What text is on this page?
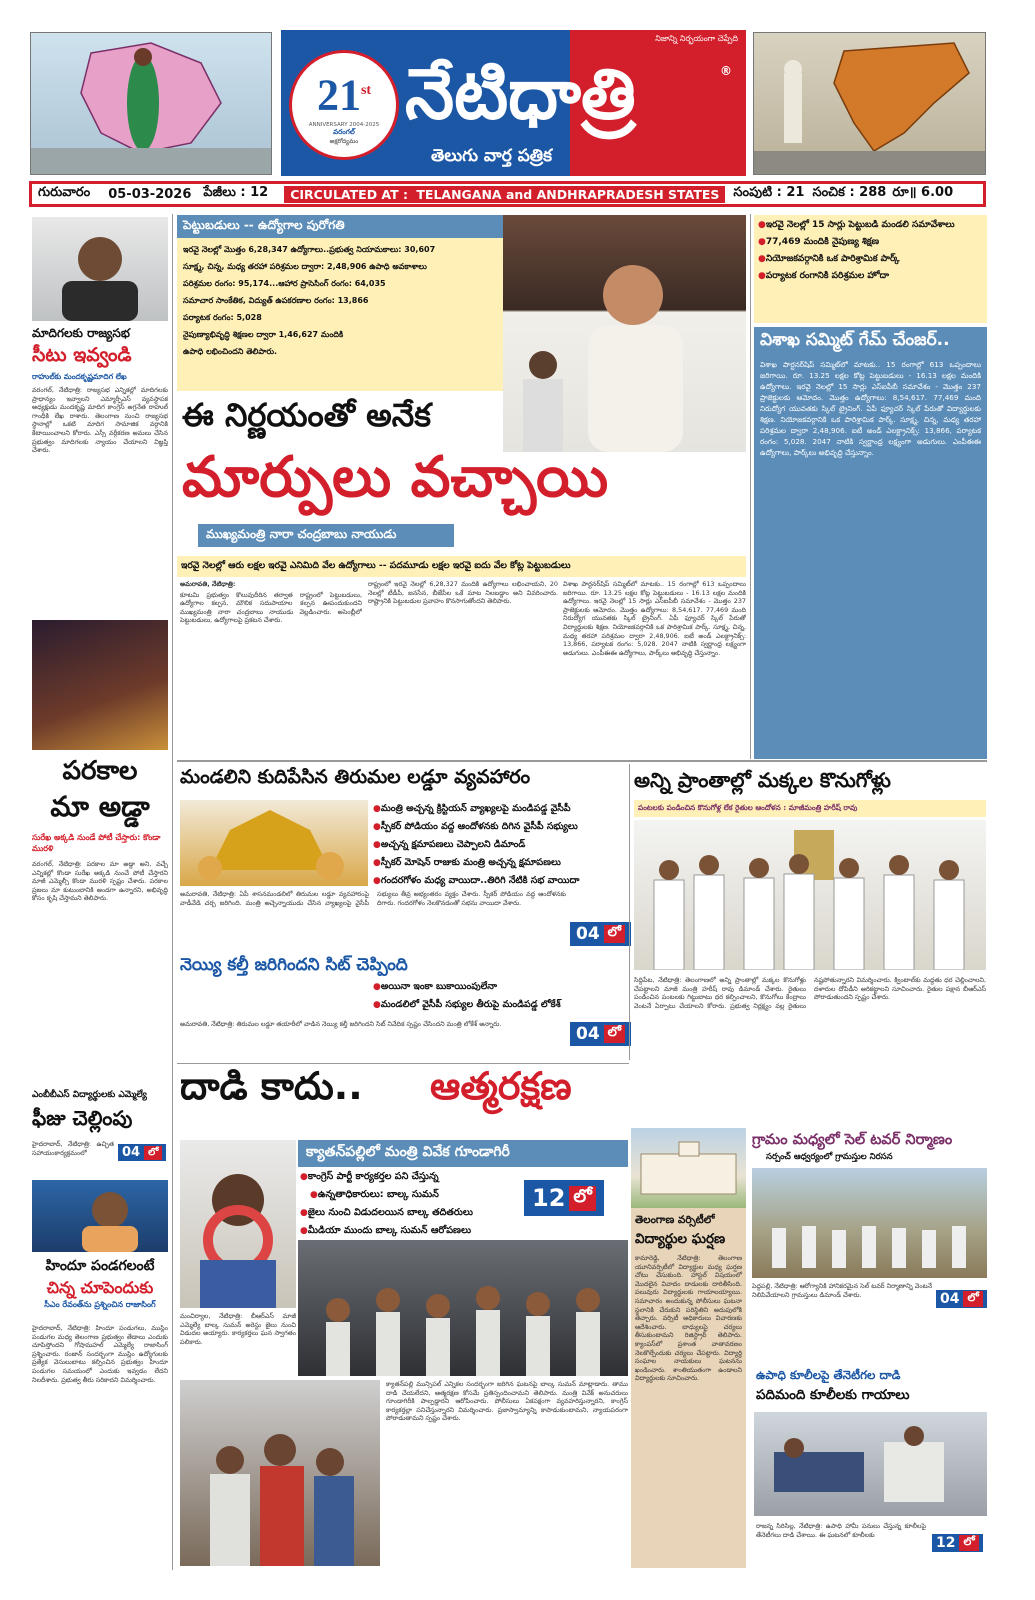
21st
ANNIVERSARY 2004-2025
వరంగల్
అక్షరోద్యమం
నిజాన్ని నిర్భయంగా చెప్పేది
నేటిధాత్రి	®
తెలుగు వార్త పత్రిక
గురువారం 05-03-2026 పేజీలు : 12	CIRCULATED AT : TELANGANA and ANDHRAPRADESH STATES	సంపుటి : 21 సంచిక : 288 రూ॥ 6.00
మాదిగలకు రాజ్యసభ
సీటు ఇవ్వండి
రాహుల్‌కు మందకృష్ణమాదిగ లేఖ
వరంగల్, నేటిధాత్రి: రాజ్యసభ ఎన్నికల్లో మాదిగలకు ప్రాధాన్యం ఇవ్వాలని ఎమ్మార్పీఎస్ వ్యవస్థాపక అధ్యక్షుడు మందకృష్ణ మాదిగ కాంగ్రెస్ అగ్రనేత రాహుల్ గాంధీకి లేఖ రాశారు. తెలంగాణ నుంచి రాజ్యసభ స్థానాల్లో ఒకటి మాదిగ సామాజిక వర్గానికి కేటాయించాలని కోరారు. ఎస్సీ వర్గీకరణ అమలు చేసిన ప్రభుత్వం మాదిగలకు న్యాయం చేయాలని విజ్ఞప్తి చేశారు.
పరకాల
మా అడ్డా
సురేఖ అక్కడి నుండే పోటీ చేస్తారు: కొండా మురళి
వరంగల్, నేటిధాత్రి: పరకాల మా అడ్డా అని, వచ్చే ఎన్నికల్లో కొండా సురేఖ అక్కడి నుంచే పోటీ చేస్తారని మాజీ ఎమ్మెల్సీ కొండా మురళి స్పష్టం చేశారు. పరకాల ప్రజలు మా కుటుంబానికి అండగా ఉన్నారని, అభివృద్ధి కోసం కృషి చేస్తామని తెలిపారు.
ఎంబీబీఎస్ విద్యార్థులకు ఎమ్మెల్యే
ఫీజు చెల్లింపు
హైదరాబాద్, నేటిధాత్రి: ఉచ్ఛిత సహాయంకార్యక్రమంలో	04 లో
హిందూ పండగలంటే
చిన్న చూపెందుకు
సీఎం రేవంత్‌ను ప్రశ్నించిన రాజాసింగ్
హైదరాబాద్, నేటిధాత్రి: హిందూ పండుగలు, ముస్లిం పండుగల మధ్య తెలంగాణ ప్రభుత్వం తేడాలు ఎందుకు చూపిస్తోందని గోషామహల్ ఎమ్మెల్యే రాజాసింగ్ ప్రశ్నించారు. రంజాన్ సందర్భంగా ముస్లిం ఉద్యోగులకు ప్రత్యేక వెసులుబాటు కల్పించిన ప్రభుత్వం హిందూ పండుగల సమయంలో ఎందుకు ఇవ్వడం లేదని నిలదీశారు. ప్రభుత్వ తీరు సరికాదని విమర్శించారు.
పెట్టుబడులు -- ఉద్యోగాల పురోగతి
ఇరవై నెలల్లో మొత్తం 6,28,347 ఉద్యోగాలు..ప్రభుత్వ నియామకాలు: 30,607
సూక్ష్మ, చిన్న, మధ్య తరహా పరిశ్రమల ద్వారా: 2,48,906 ఉపాధి అవకాశాలు
పరిశ్రమల రంగం: 95,174...ఆహార ప్రాసెసింగ్ రంగం: 64,035
సమాచార సాంకేతిక, విద్యుత్ ఉపకరణాల రంగం: 13,866
పర్యాటక రంగం: 5,028
నైపుణ్యాభివృద్ధి శిక్షణల ద్వారా 1,46,627 మందికి
ఉపాధి లభించిందని తెలిపారు.
ఈ నిర్ణయంతో అనేక
మార్పులు వచ్చాయి
ముఖ్యమంత్రి నారా చంద్రబాబు నాయుడు
ఇరవై నెలల్లో ఆరు లక్షల ఇరవై ఎనిమిది వేల ఉద్యోగాలు -- పదమూడు లక్షల ఇరవై ఐదు వేల కోట్ల పెట్టుబడులు

అమరావతి, నేటిధాత్రి:

కూటమి ప్రభుత్వం కొలువుదీరిన తర్వాత రాష్ట్రంలో పెట్టుబడులు, ఉద్యోగాల కల్పన, మౌలిక సదుపాయాల కల్పన ఊపందుకుందని ముఖ్యమంత్రి నారా చంద్రబాబు నాయుడు వెల్లడించారు. అసెంబ్లీలో పెట్టుబడులు, ఉద్యోగాలపై ప్రకటన చేశారు.

రాష్ట్రంలో ఇరవై నెలల్లో 6,28,327 మందికి ఉద్యోగాలు లభించాయని, 20 నెలల్లో టీడీపీ, జనసేన, బీజేపీల ఒకే మాట నిలబడ్డాం అని వివరించారు. రాష్ట్రానికి పెట్టుబడుల ప్రవాహం కొనసాగుతోందని తెలిపారు.

విశాఖ పార్టనర్‌షిప్ సమ్మిట్‌లో మాటకు.. 15 రంగాల్లో 613 ఒప్పందాలు జరిగాయి. రూ. 13.25 లక్షల కోట్ల పెట్టుబడులు - 16.13 లక్షల మందికి ఉద్యోగాలు. ఇరవై నెలల్లో 15 సార్లు ఎస్ఐపీబీ సమావేశం - మొత్తం 237 ప్రాజెక్టులకు ఆమోదం. మొత్తం ఉద్యోగాలు: 8,54,617. 77,469 మంది నిరుద్యోగ యువతకు స్కిల్ ట్రైనింగ్. ఏపీ ఫ్యూచర్ స్కిల్ పేరుతో విద్యార్థులకు శిక్షణ. నియోజకవర్గానికి ఒక పారిశ్రామిక పార్క్. సూక్ష్మ, చిన్న, మధ్య తరహా పరిశ్రమల ద్వారా 2,48,906. ఐటీ అండ్ ఎలక్ట్రానిక్స్: 13,866, పర్యాటక రంగం: 5,028. 2047 నాటికి స్వర్ణాంధ్ర లక్ష్యంగా అడుగులు. ఎంపీఈఈ ఉద్యోగాలు, పార్క్‌లు అభివృద్ధి చేస్తున్నాం.

● ఇరవై నెలల్లో 15 సార్లు పెట్టుబడి మండలి సమావేశాలు
● 77,469 మందికి నైపుణ్య శిక్షణ
● నియోజకవర్గానికి ఒక పారిశ్రామిక పార్క్
● పర్యాటక రంగానికి పరిశ్రమల హోదా
విశాఖ సమ్మిట్ గేమ్ చేంజర్..
విశాఖ పార్టనర్‌షిప్ సమ్మిట్‌లో మాటకు.. 15 రంగాల్లో 613 ఒప్పందాలు జరిగాయి. రూ. 13.25 లక్షల కోట్ల పెట్టుబడులు - 16.13 లక్షల మందికి ఉద్యోగాలు. ఇరవై నెలల్లో 15 సార్లు ఎస్ఐపీబీ సమావేశం - మొత్తం 237 ప్రాజెక్టులకు ఆమోదం. మొత్తం ఉద్యోగాలు: 8,54,617. 77,469 మంది నిరుద్యోగ యువతకు స్కిల్ ట్రైనింగ్. ఏపీ ఫ్యూచర్ స్కిల్ పేరుతో విద్యార్థులకు శిక్షణ. నియోజకవర్గానికి ఒక పారిశ్రామిక పార్క్. సూక్ష్మ, చిన్న, మధ్య తరహా పరిశ్రమల ద్వారా 2,48,906. ఐటీ అండ్ ఎలక్ట్రానిక్స్: 13,866, పర్యాటక రంగం: 5,028. 2047 నాటికి స్వర్ణాంధ్ర లక్ష్యంగా అడుగులు. ఎంపీఈఈ ఉద్యోగాలు, పార్క్‌లు అభివృద్ధి చేస్తున్నాం.
మండలిని కుదిపేసిన తిరుమల లడ్డూ వ్యవహారం
● మంత్రి అచ్చన్న క్రిస్టియన్ వ్యాఖ్యలపై మండిపడ్డ వైసీపీ
● స్పీకర్ పోడియం వద్ద ఆందోళనకు దిగిన వైసీపీ సభ్యులు
● అచ్చన్న క్షమాపణలు చెప్పాలని డిమాండ్
● స్పీకర్ మోషెన్ రాజుకు మంత్రి అచ్చన్న క్షమాపణలు
● గందరగోళం మధ్య వాయిదా..తిరిగి నేటికి సభ వాయిదా
అమరావతి, నేటిధాత్రి: ఏపీ శాసనమండలిలో తిరుమల లడ్డూ వ్యవహారంపై వాడీవేడి చర్చ జరిగింది. మంత్రి అచ్చెన్నాయుడు చేసిన వ్యాఖ్యలపై వైసీపీ సభ్యులు తీవ్ర అభ్యంతరం వ్యక్తం చేశారు. స్పీకర్ పోడియం వద్ద ఆందోళనకు దిగారు. గందరగోళం నెలకొనడంతో సభను వాయిదా వేశారు.
04 లో
నెయ్యి కల్తీ జరిగిందని సిట్ చెప్పింది
● అయినా ఇంకా బుకాయింపులేనా
● మండలిలో వైసీపీ సభ్యుల తీరుపై మండిపడ్డ లోకేశ్
అమరావతి, నేటిధాత్రి: తిరుమల లడ్డూ తయారీలో వాడిన నెయ్యి కల్తీ జరిగిందని సిట్ నివేదిక స్పష్టం చేసిందని మంత్రి లోకేశ్ అన్నారు.	04 లో
అన్ని ప్రాంతాల్లో మక్కల కొనుగోళ్లు
పంటలకు పండించిన కొనుగోళ్ల లేక రైతుల ఆందోళన : మాజీమంత్రి హరీష్ రావు
సిద్దిపేట, నేటిధాత్రి: తెలంగాణలో అన్ని ప్రాంతాల్లో మక్కల కొనుగోళ్లు చేపట్టాలని మాజీ మంత్రి హరీష్ రావు డిమాండ్ చేశారు. రైతులు పండించిన పంటలకు గిట్టుబాటు ధర కల్పించాలని, కొనుగోలు కేంద్రాలు వెంటనే ఏర్పాటు చేయాలని కోరారు. ప్రభుత్వ నిర్లక్ష్యం వల్ల రైతులు నష్టపోతున్నారని విమర్శించారు. క్వింటాల్‌కు మద్దతు ధర చెల్లించాలని, దళారుల దోపిడీని అరికట్టాలని సూచించారు. రైతుల పక్షాన బీఆర్ఎస్ పోరాడుతుందని స్పష్టం చేశారు.
దాడి కాదు..	ఆత్మరక్షణ
క్యాతన్‌పల్లిలో మంత్రి వివేక గూండాగిరీ
● కాంగ్రెస్ పార్టీ కార్యకర్తల పని చేస్తున్న
● ఉన్నతాధికారులు: బాల్క సుమన్
● జైలు నుంచి విడుదలయిన బాల్క తదితరులు
● మీడియా ముందు బాల్క సుమన్ ఆరోపణలు
12 లో
మంచిర్యాల, నేటిధాత్రి: బీఆర్ఎస్ మాజీ ఎమ్మెల్యే బాల్క సుమన్ అరెస్టు జైలు నుంచి విడుదల అయ్యారు. కార్యకర్తలు ఘన స్వాగతం పలికారు.
క్యాతన్‌పల్లి మున్సిపల్ ఎన్నికల సందర్భంగా జరిగిన ఘటనపై బాల్క సుమన్ మాట్లాడారు. తాము దాడి చేయలేదని, ఆత్మరక్షణ కోసమే ప్రతిస్పందించామని తెలిపారు. మంత్రి వివేక్ అనుచరులు గూండాగిరీకి పాల్పడ్డారని ఆరోపించారు. పోలీసులు ఏకపక్షంగా వ్యవహరిస్తున్నారని, కాంగ్రెస్ కార్యకర్తల్లా పనిచేస్తున్నారని విమర్శించారు. ప్రజాస్వామ్యాన్ని కాపాడుకుంటామని, న్యాయపరంగా పోరాడుతామని స్పష్టం చేశారు.
తెలంగాణ వర్సిటీలో
విద్యార్థుల ఘర్షణ
కామారెడ్డి, నేటిధాత్రి: తెలంగాణ యూనివర్సిటీలో విద్యార్థుల మధ్య ఘర్షణ చోటు చేసుకుంది. హాస్టల్ విషయంలో మొదలైన వివాదం దాడులకు దారితీసింది. పలువురు విద్యార్థులకు గాయాలయ్యాయి. సమాచారం అందుకున్న పోలీసులు ఘటనా స్థలానికి చేరుకుని పరిస్థితిని అదుపులోకి తెచ్చారు. వర్సిటీ అధికారులు విచారణకు ఆదేశించారు. బాధ్యులపై చర్యలు తీసుకుంటామని రిజిస్ట్రార్ తెలిపారు. క్యాంపస్‌లో ప్రశాంత వాతావరణం నెలకొల్పేందుకు చర్యలు చేపట్టారు. విద్యార్థి సంఘాల నాయకులు ఘటనను ఖండించారు. శాంతియుతంగా ఉండాలని విద్యార్థులకు సూచించారు.
గ్రామం మధ్యలో సెల్ టవర్ నిర్మాణం
సర్పంచ్ ఆధ్వర్యంలో గ్రామస్తుల నిరసన
పెద్దపల్లి, నేటిధాత్రి: ఆరోగ్యానికి హానికరమైన సెల్ టవర్ నిర్మాణాన్ని వెంటనే నిలిపివేయాలని గ్రామస్తులు డిమాండ్ చేశారు.	04 లో
ఉపాధి కూలీలపై తేనెటీగల దాడి
పదిమంది కూలీలకు గాయాలు
రాజన్న సిరిసిల్ల, నేటిధాత్రి: ఉపాధి హామీ పనులు చేస్తున్న కూలీలపై తేనెటీగలు దాడి చేశాయి. ఈ ఘటనలో కూలీలకు
12 లో
